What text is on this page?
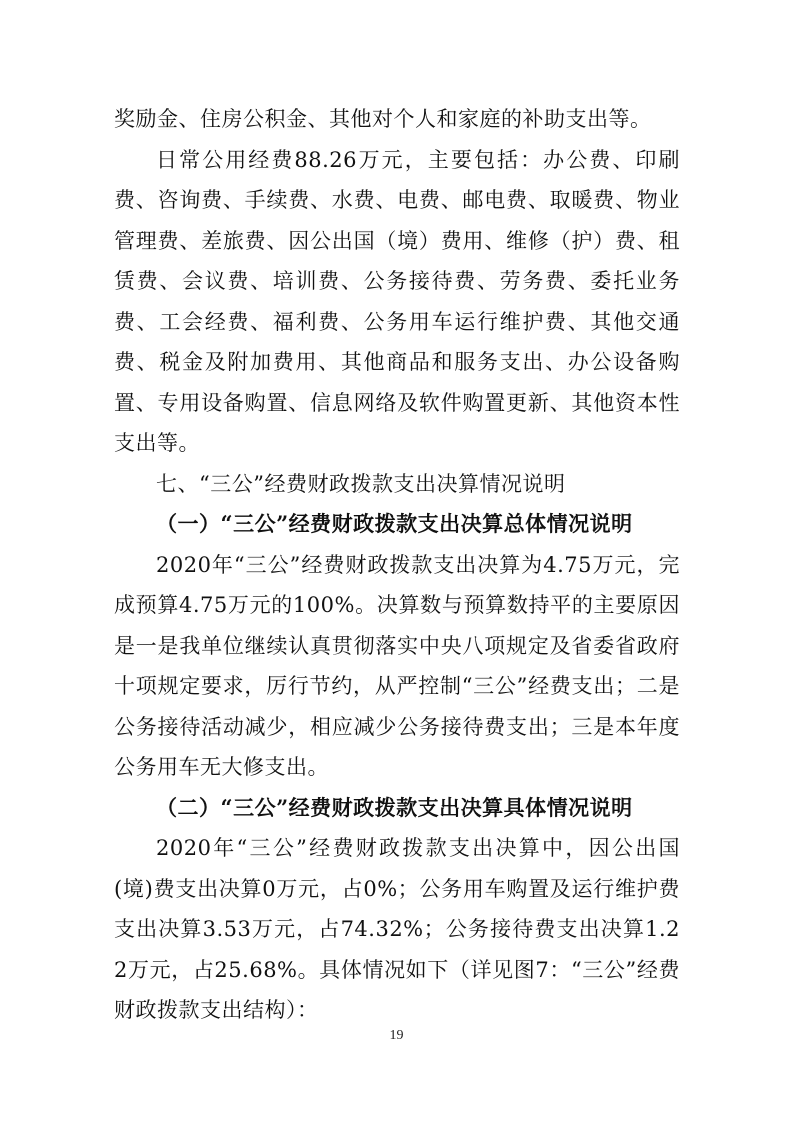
奖励金、住房公积金、其他对个人和家庭的补助支出等。

日常公用经费88.26万元，主要包括：办公费、印刷费、咨询费、手续费、水费、电费、邮电费、取暖费、物业管理费、差旅费、因公出国（境）费用、维修（护）费、租赁费、会议费、培训费、公务接待费、劳务费、委托业务费、工会经费、福利费、公务用车运行维护费、其他交通费、税金及附加费用、其他商品和服务支出、办公设备购置、专用设备购置、信息网络及软件购置更新、其他资本性支出等。

七、“三公”经费财政拨款支出决算情况说明

（一）“三公”经费财政拨款支出决算总体情况说明

2020年“三公”经费财政拨款支出决算为4.75万元，完成预算4.75万元的100%。决算数与预算数持平的主要原因是一是我单位继续认真贯彻落实中央八项规定及省委省政府十项规定要求，厉行节约，从严控制“三公”经费支出；二是公务接待活动减少，相应减少公务接待费支出；三是本年度公务用车无大修支出。

（二）“三公”经费财政拨款支出决算具体情况说明

2020年“三公”经费财政拨款支出决算中，因公出国(境)费支出决算0万元，占0%；公务用车购置及运行维护费支出决算3.53万元，占74.32%；公务接待费支出决算1.22万元，占25.68%。具体情况如下（详见图7：“三公”经费财政拨款支出结构）：

19
